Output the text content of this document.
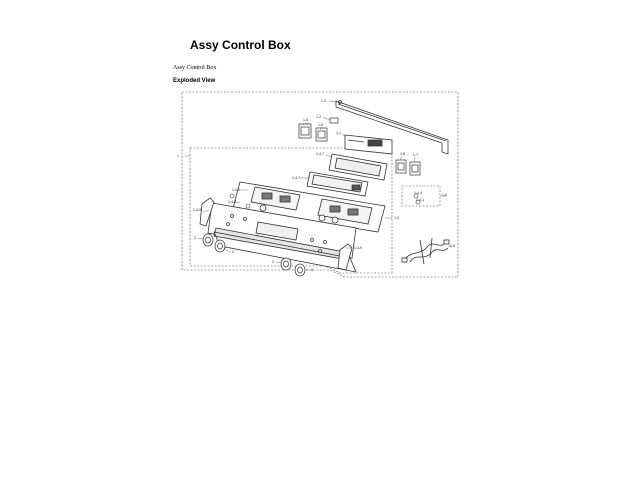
Assy Control Box
Assy Control Box
Exploded View
1-3
1-2
1-6
1-5
1-1
1	1-8 1-7
1-4-7
1-4-7
1-4-2
1-4-3
1-4-5
1-4
1-6
1-4-4
1-4-1
1-6
1-4-9
2
3
2
3
